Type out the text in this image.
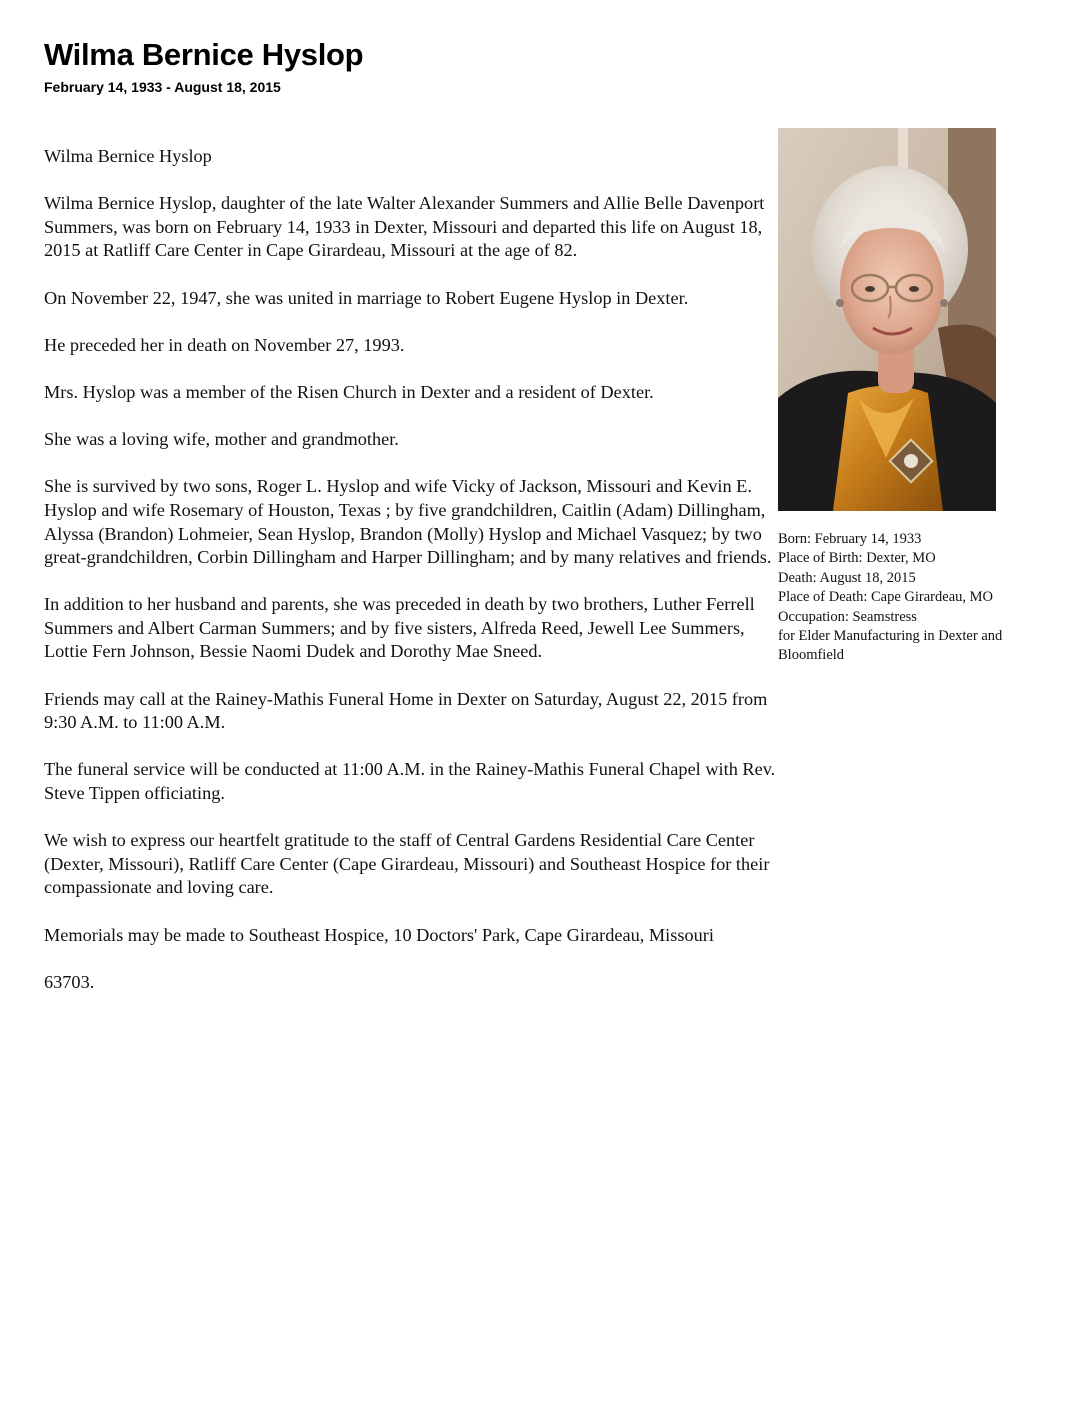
Wilma Bernice Hyslop
February 14, 1933 - August 18, 2015

Wilma Bernice Hyslop

Wilma Bernice Hyslop, daughter of the late Walter Alexander Summers and Allie Belle Davenport Summers, was born on February 14, 1933 in Dexter, Missouri and departed this life on August 18, 2015 at Ratliff Care Center in Cape Girardeau, Missouri at the age of 82.

On November 22, 1947, she was united in marriage to Robert Eugene Hyslop in Dexter.

He preceded her in death on November 27, 1993.

Mrs. Hyslop was a member of the Risen Church in Dexter and a resident of Dexter.

She was a loving wife, mother and grandmother.

She is survived by two sons, Roger L. Hyslop and wife Vicky of Jackson, Missouri and Kevin E. Hyslop and wife Rosemary of Houston, Texas ; by five grandchildren, Caitlin (Adam) Dillingham, Alyssa (Brandon) Lohmeier, Sean Hyslop, Brandon (Molly) Hyslop and Michael Vasquez; by two great-grandchildren, Corbin Dillingham and Harper Dillingham; and by many relatives and friends.

In addition to her husband and parents, she was preceded in death by two brothers, Luther Ferrell Summers and Albert Carman Summers; and by five sisters, Alfreda Reed, Jewell Lee Summers, Lottie Fern Johnson, Bessie Naomi Dudek and Dorothy Mae Sneed.

Friends may call at the Rainey-Mathis Funeral Home in Dexter on Saturday, August 22, 2015 from 9:30 A.M. to 11:00 A.M.

The funeral service will be conducted at 11:00 A.M. in the Rainey-Mathis Funeral Chapel with Rev. Steve Tippen officiating.

We wish to express our heartfelt gratitude to the staff of Central Gardens Residential Care Center (Dexter, Missouri), Ratliff Care Center (Cape Girardeau, Missouri) and Southeast Hospice for their compassionate and loving care.

Memorials may be made to Southeast Hospice, 10 Doctors' Park, Cape Girardeau, Missouri

63703.

Born: February 14, 1933
Place of Birth: Dexter, MO
Death: August 18, 2015
Place of Death: Cape Girardeau, MO
Occupation: Seamstress
for Elder Manufacturing in Dexter and Bloomfield
